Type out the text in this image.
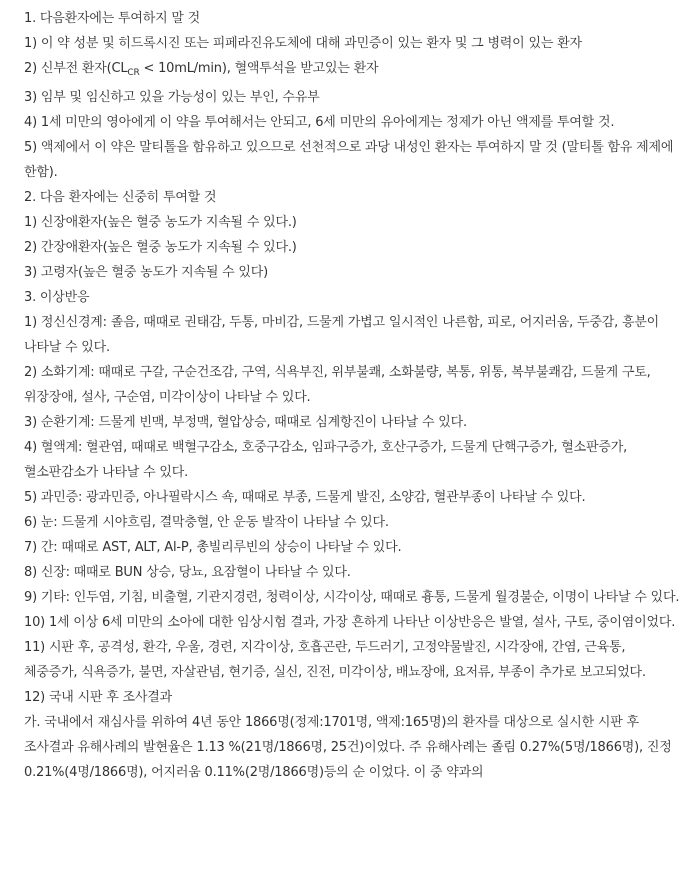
1. 다음환자에는 투여하지 말 것

1) 이 약 성분 및 히드록시진 또는 피페라진유도체에 대해 과민증이 있는 환자 및 그 병력이 있는 환자

2) 신부전 환자$(CL_{CR} < 10mL/\min)$, 혈액투석을 받고있는 환자

3) 임부 및 임신하고 있을 가능성이 있는 부인, 수유부

4) 1세 미만의 영아에게 이 약을 투여해서는 안되고, 6세 미만의 유아에게는 정제가 아닌 액제를 투여할 것.

5) 액제에서 이 약은 말티톨을 함유하고 있으므로 선천적으로 과당 내성인 환자는 투여하지 말 것 (말티톨 함유 제제에 한함).

2. 다음 환자에는 신중히 투여할 것

1) 신장애환자(높은 혈중 농도가 지속될 수 있다.)

2) 간장애환자(높은 혈중 농도가 지속될 수 있다.)

3) 고령자(높은 혈중 농도가 지속될 수 있다)

3. 이상반응

1) 정신신경계: 졸음, 때때로 권태감, 두통, 마비감, 드물게 가볍고 일시적인 나른함, 피로, 어지러움, 두중감, 흥분이 나타날 수 있다.

2) 소화기계: 때때로 구갈, 구순건조감, 구역, 식욕부진, 위부불쾌, 소화불량, 복통, 위통, 복부불쾌감, 드물게 구토, 위장장애, 설사, 구순염, 미각이상이 나타날 수 있다.

3) 순환기계: 드물게 빈맥, 부정맥, 혈압상승, 때때로 심계항진이 나타날 수 있다.

4) 혈액계: 혈관염, 때때로 백혈구감소, 호중구감소, 임파구증가, 호산구증가, 드물게 단핵구증가, 혈소판증가, 혈소판감소가 나타날 수 있다.

5) 과민증: 광과민증, 아나필락시스 쇽, 때때로 부종, 드물게 발진, 소양감, 혈관부종이 나타날 수 있다.

6) 눈: 드물게 시야흐림, 결막충혈, 안 운동 발작이 나타날 수 있다.

7) 간: 때때로 AST, ALT, Al-P, 총빌리루빈의 상승이 나타날 수 있다.

8) 신장: 때때로 BUN 상승, 당뇨, 요잠혈이 나타날 수 있다.

9) 기타: 인두염, 기침, 비출혈, 기관지경련, 청력이상, 시각이상, 때때로 흉통, 드물게 월경불순, 이명이 나타날 수 있다.

10) 1세 이상 6세 미만의 소아에 대한 임상시험 결과, 가장 흔하게 나타난 이상반응은 발열, 설사, 구토, 중이염이었다.

11) 시판 후, 공격성, 환각, 우울, 경련, 지각이상, 호흡곤란, 두드러기, 고정약물발진, 시각장애, 간염, 근육통, 체중증가, 식욕증가, 불면, 자살관념, 현기증, 실신, 진전, 미각이상, 배뇨장애, 요저류, 부종이 추가로 보고되었다.

12) 국내 시판 후 조사결과

가. 국내에서 재심사를 위하여 4년 동안 1866명(정제:1701명, 액제:165명)의 환자를 대상으로 실시한 시판 후 조사결과 유해사례의 발현율은 1.13 %(21명/1866명, 25건)이었다. 주 유해사례는 졸림 0.27%(5명/1866명), 진정 0.21%(4명/1866명), 어지러움 0.11%(2명/1866명)등의 순 이었다. 이 중 약과의
